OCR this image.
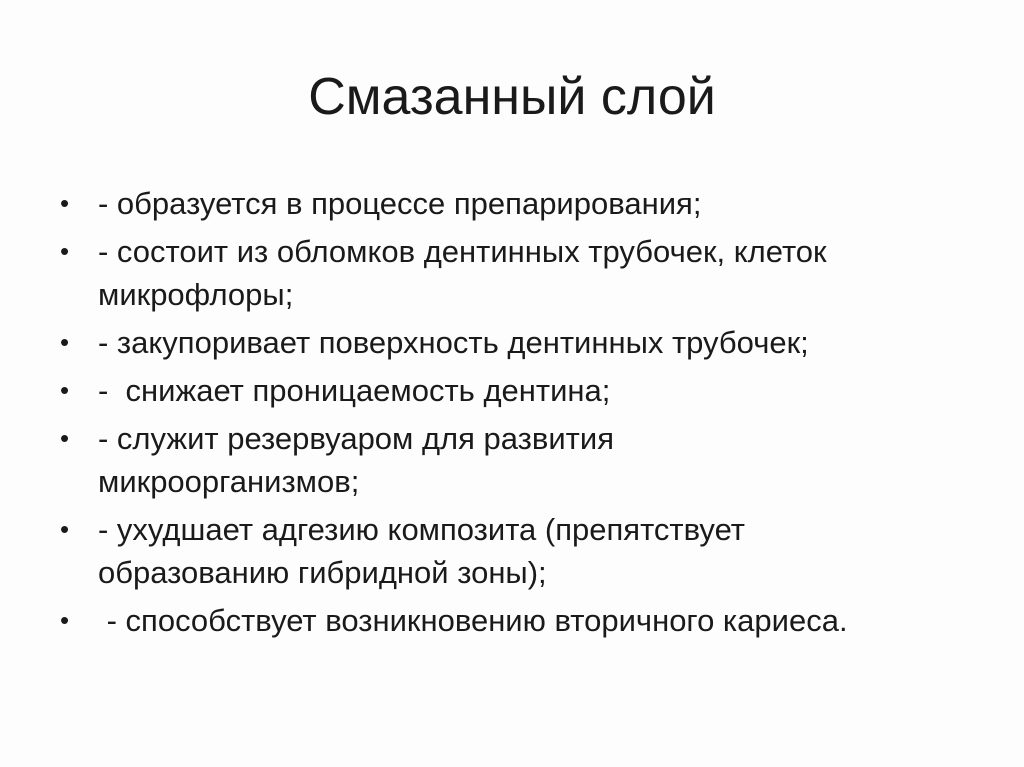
Смазанный слой
• - образуется в процессе препарирования;
• - состоит из обломков дентинных трубочек, клеток
микрофлоры;
• - закупоривает поверхность дентинных трубочек;
• -  снижает проницаемость дентина;
• - служит резервуаром для развития
микроорганизмов;
• - ухудшает адгезию композита (препятствует
образованию гибридной зоны);
• - способствует возникновению вторичного кариеса.
